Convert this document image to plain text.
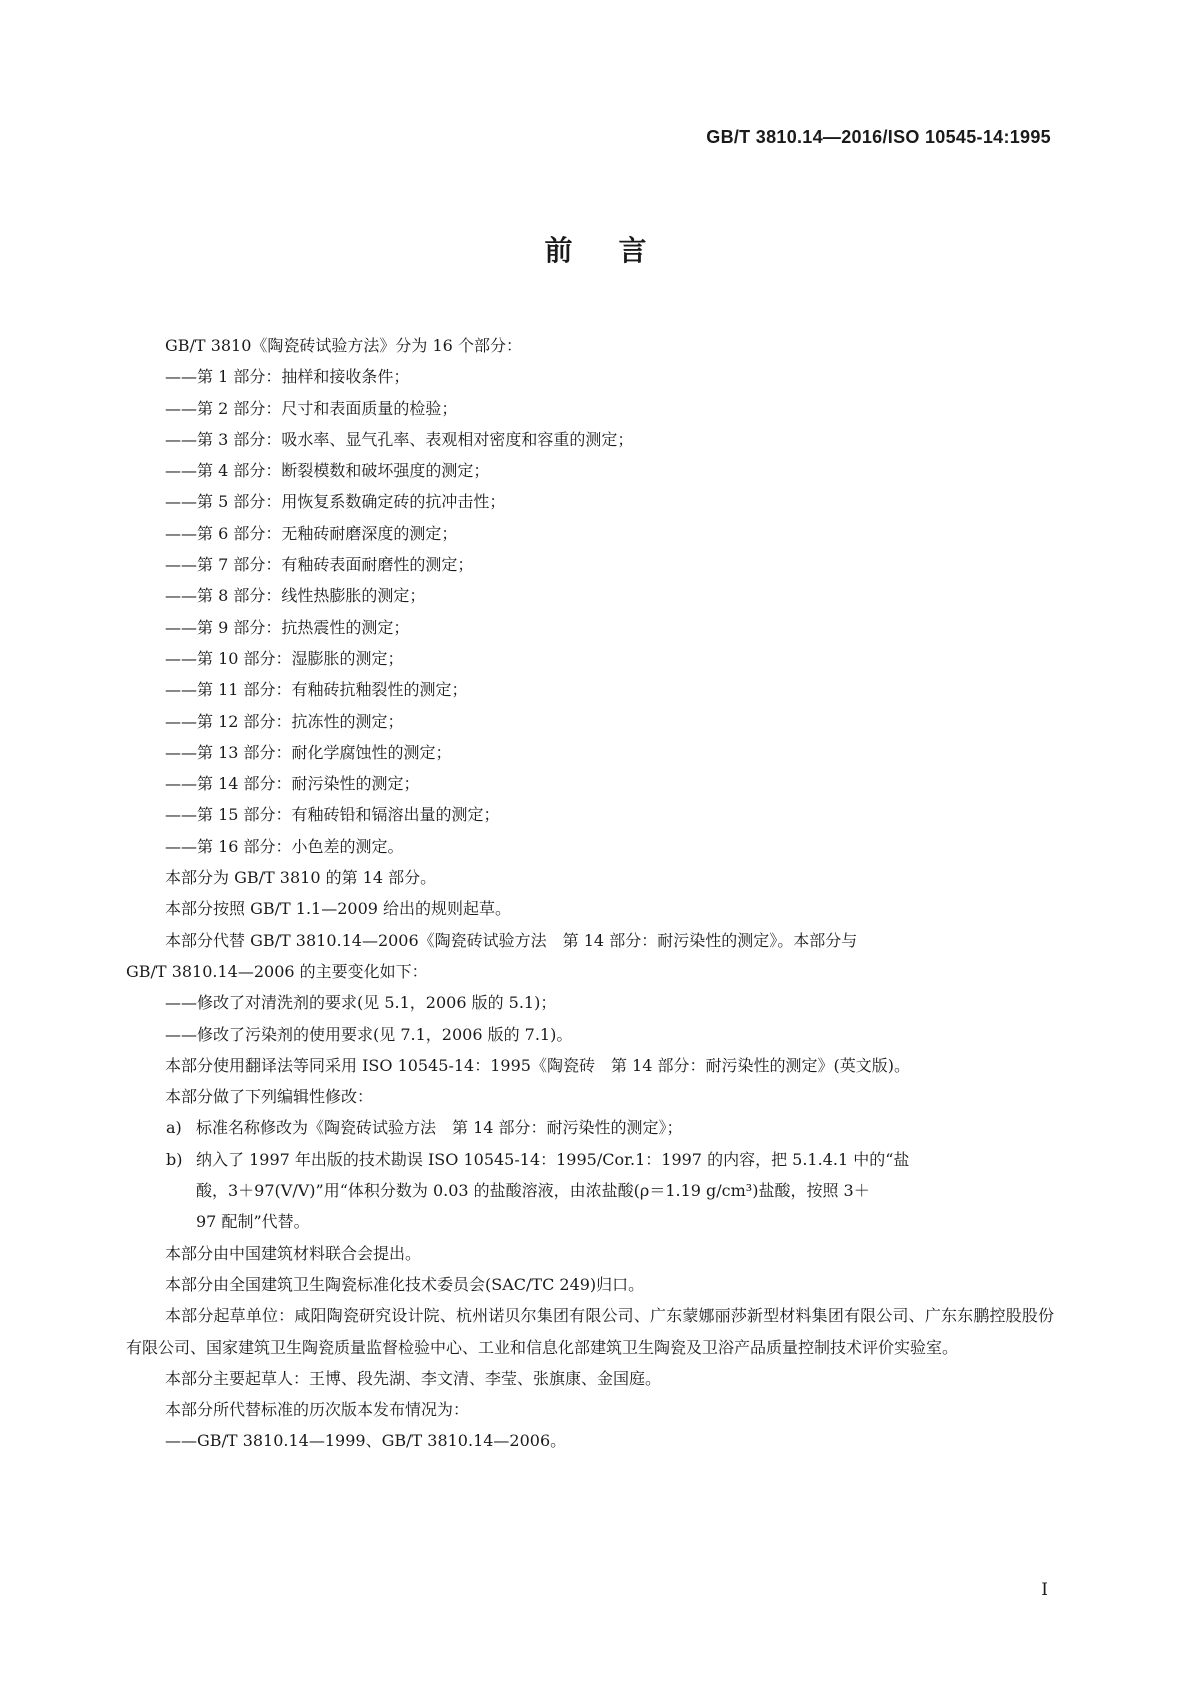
GB/T 3810.14—2016/ISO 10545-14:1995
前言
GB/T 3810《陶瓷砖试验方法》分为 16 个部分：
——第 1 部分：抽样和接收条件；
——第 2 部分：尺寸和表面质量的检验；
——第 3 部分：吸水率、显气孔率、表观相对密度和容重的测定；
——第 4 部分：断裂模数和破坏强度的测定；
——第 5 部分：用恢复系数确定砖的抗冲击性；
——第 6 部分：无釉砖耐磨深度的测定；
——第 7 部分：有釉砖表面耐磨性的测定；
——第 8 部分：线性热膨胀的测定；
——第 9 部分：抗热震性的测定；
——第 10 部分：湿膨胀的测定；
——第 11 部分：有釉砖抗釉裂性的测定；
——第 12 部分：抗冻性的测定；
——第 13 部分：耐化学腐蚀性的测定；
——第 14 部分：耐污染性的测定；
——第 15 部分：有釉砖铅和镉溶出量的测定；
——第 16 部分：小色差的测定。
本部分为 GB/T 3810 的第 14 部分。
本部分按照 GB/T 1.1—2009 给出的规则起草。
本部分代替 GB/T 3810.14—2006《陶瓷砖试验方法　第 14 部分：耐污染性的测定》。本部分与
GB/T 3810.14—2006 的主要变化如下：
——修改了对清洗剂的要求(见 5.1，2006 版的 5.1)；
——修改了污染剂的使用要求(见 7.1，2006 版的 7.1)。
本部分使用翻译法等同采用 ISO 10545-14：1995《陶瓷砖　第 14 部分：耐污染性的测定》(英文版)。
本部分做了下列编辑性修改：
a) 标准名称修改为《陶瓷砖试验方法　第 14 部分：耐污染性的测定》；
b) 纳入了 1997 年出版的技术勘误 ISO 10545-14：1995/Cor.1：1997 的内容，把 5.1.4.1 中的“盐
酸，3＋97(V/V)”用“体积分数为 0.03 的盐酸溶液，由浓盐酸(ρ＝1.19 g/cm³)盐酸，按照 3＋
97 配制”代替。
本部分由中国建筑材料联合会提出。
本部分由全国建筑卫生陶瓷标准化技术委员会(SAC/TC 249)归口。
本部分起草单位：咸阳陶瓷研究设计院、杭州诺贝尔集团有限公司、广东蒙娜丽莎新型材料集团有限公司、广东东鹏控股股份有限公司、国家建筑卫生陶瓷质量监督检验中心、工业和信息化部建筑卫生陶瓷及卫浴产品质量控制技术评价实验室。
本部分主要起草人：王博、段先湖、李文清、李莹、张旗康、金国庭。
本部分所代替标准的历次版本发布情况为：
——GB/T 3810.14—1999、GB/T 3810.14—2006。
I
